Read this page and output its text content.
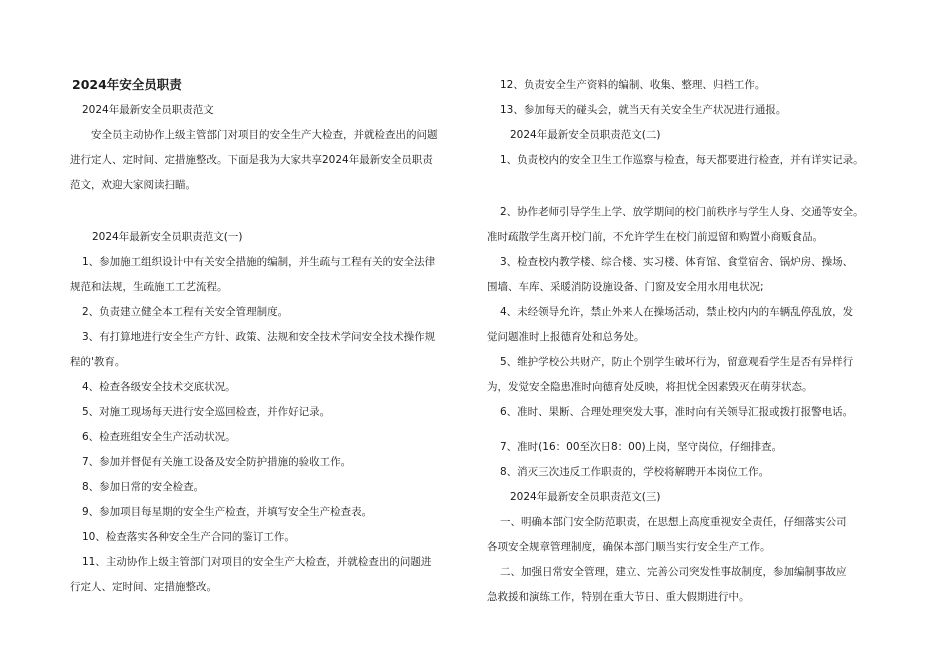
2024年安全员职责

2024年最新安全员职责范文

安全员主动协作上级主管部门对项目的安全生产大检查，并就检查出的问题

进行定人、定时间、定措施整改。下面是我为大家共享2024年最新安全员职责

范文，欢迎大家阅读扫瞄。

2024年最新安全员职责范文(一)

1、参加施工组织设计中有关安全措施的编制，并生疏与工程有关的安全法律

规范和法规，生疏施工工艺流程。

2、负责建立健全本工程有关安全管理制度。

3、有打算地进行安全生产方针、政策、法规和安全技术学问安全技术操作规

程的'教育。

4、检查各级安全技术交底状况。

5、对施工现场每天进行安全巡回检查，并作好记录。

6、检查班组安全生产活动状况。

7、参加并督促有关施工设备及安全防护措施的验收工作。

8、参加日常的安全检查。

9、参加项目每星期的安全生产检查，并填写安全生产检查表。

10、检查落实各种安全生产合同的鉴订工作。

11、主动协作上级主管部门对项目的安全生产大检查，并就检查出的问题进

行定人、定时间、定措施整改。

12、负责安全生产资料的编制、收集、整理、归档工作。

13、参加每天的碰头会，就当天有关安全生产状况进行通报。

2024年最新安全员职责范文(二)

1、负责校内的安全卫生工作巡察与检查，每天都要进行检查，并有详实记录。

2、协作老师引导学生上学、放学期间的校门前秩序与学生人身、交通等安全。

准时疏散学生离开校门前，不允许学生在校门前逗留和购置小商贩食品。

3、检查校内教学楼、综合楼、实习楼、体育馆、食堂宿舍、锅炉房、操场、

围墙、车库、采暖消防设施设备、门窗及安全用水用电状况;

4、未经领导允许，禁止外来人在操场活动，禁止校内内的车辆乱停乱放，发

觉问题准时上报德育处和总务处。

5、维护学校公共财产，防止个别学生破坏行为，留意观看学生是否有异样行

为，发觉安全隐患准时向德育处反映，将担忧全因素毁灭在萌芽状态。

6、准时、果断、合理处理突发大事，准时向有关领导汇报或拨打报警电话。

7、准时(16：00至次日8：00)上岗，坚守岗位，仔细排查。

8、消灭三次违反工作职责的，学校将解聘开本岗位工作。

2024年最新安全员职责范文(三)

一、明确本部门安全防范职责，在思想上高度重视安全责任，仔细落实公司

各项安全规章管理制度，确保本部门顺当实行安全生产工作。

二、加强日常安全管理，建立、完善公司突发性事故制度，参加编制事故应

急救援和演练工作，特别在重大节日、重大假期进行中。
